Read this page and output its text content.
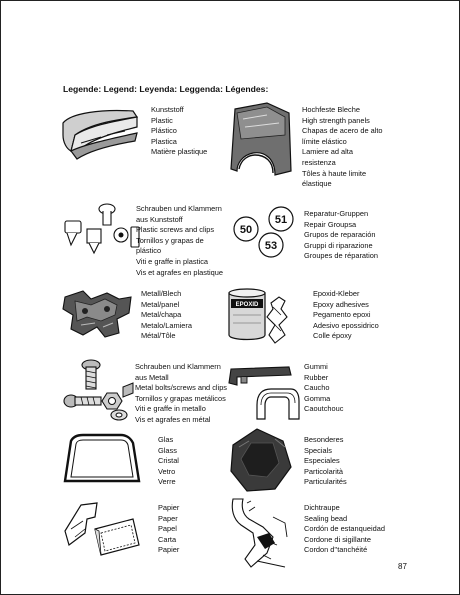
Legende: Legend: Leyenda: Leggenda: Légendes:
Kunststoff
Plastic
Plástico
Plastica
Matière plastique
Hochfeste Bleche
High strength panels
Chapas de acero de alto
límite elástico
Lamiere ad alta
resistenza
Tôles à haute limite
élastique
Schrauben und Klammern
aus Kunststoff
Plastic screws and clips
Tornillos y grapas de
plástico
Viti e graffe in plastica
Vis et agrafes en plastique
50
51
53
Reparatur-Gruppen
Repair Groupsa
Grupos de reparación
Gruppi di riparazione
Groupes de réparation
Metall/Blech
Metal/panel
Metal/chapa
Metalo/Lamiera
Métal/Tôle
EPOXID
Epoxid-Kleber
Epoxy adhesives
Pegamento epoxi
Adesivo epossidrico
Colle époxy
Schrauben und Klammern
aus Metall
Metal bolts/screws and clips
Tornillos y grapas metálicos
Viti e graffe in metallo
Vis et agrafes en métal
Gummi
Rubber
Caucho
Gomma
Caoutchouc
Glas
Glass
Cristal
Vetro
Verre
Besonderes
Specials
Especiales
Particolarità
Particularités
Papier
Paper
Papel
Carta
Papier
Dichtraupe
Sealing bead
Cordón de estanqueidad
Cordone di sigillante
Cordon d''tanchéité
87
